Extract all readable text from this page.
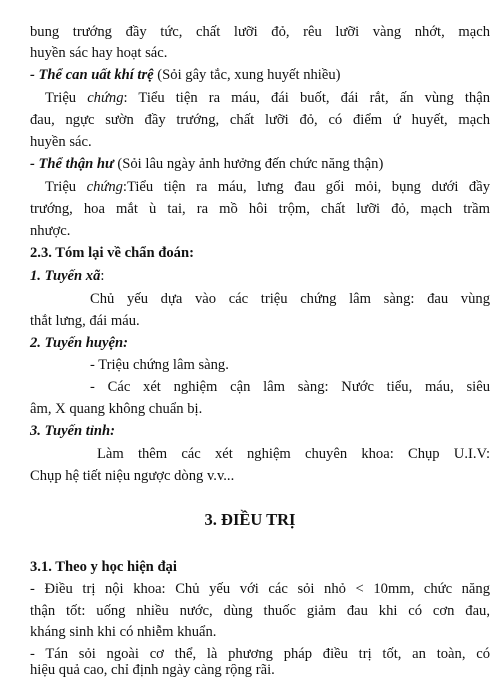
bung trướng đầy tức, chất lưỡi đỏ, rêu lưỡi vàng nhớt, mạch
huyền sác hay hoạt sác.
- Thể can uất khí trệ (Sỏi gây tắc, xung huyết nhiều)
Triệu chứng: Tiểu tiện ra máu, đái buốt, đái rắt, ấn vùng thận
đau, ngực sườn đầy trướng, chất lưỡi đỏ, có điểm ứ huyết, mạch
huyền sác.
- Thể thận hư (Sỏi lâu ngày ảnh hưởng đến chức năng thận)
Triệu chứng:Tiểu tiện ra máu, lưng đau gối mỏi, bụng dưới đầy
trướng, hoa mắt ù tai, ra mồ hôi trộm, chất lưỡi đỏ, mạch trầm
nhược.
2.3. Tóm lại về chẩn đoán:
1. Tuyến xã:
Chủ yếu dựa vào các triệu chứng lâm sàng: đau vùng
thắt lưng, đái máu.
2. Tuyến huyện:
- Triệu chứng lâm sàng.
- Các xét nghiệm cận lâm sàng: Nước tiểu, máu, siêu
âm, X quang không chuẩn bị.
3. Tuyến tỉnh:
Làm thêm các xét nghiệm chuyên khoa: Chụp U.I.V:
Chụp hệ tiết niệu ngược dòng v.v...
3. ĐIỀU TRỊ
3.1. Theo y học hiện đại
- Điều trị nội khoa: Chủ yếu với các sỏi nhỏ < 10mm, chức năng
thận tốt: uống nhiều nước, dùng thuốc giảm đau khi có cơn đau,
kháng sinh khi có nhiễm khuẩn.
- Tán sỏi ngoài cơ thể, là phương pháp điều trị tốt, an toàn, có
hiệu quả cao, chỉ định ngày càng rộng rãi.
